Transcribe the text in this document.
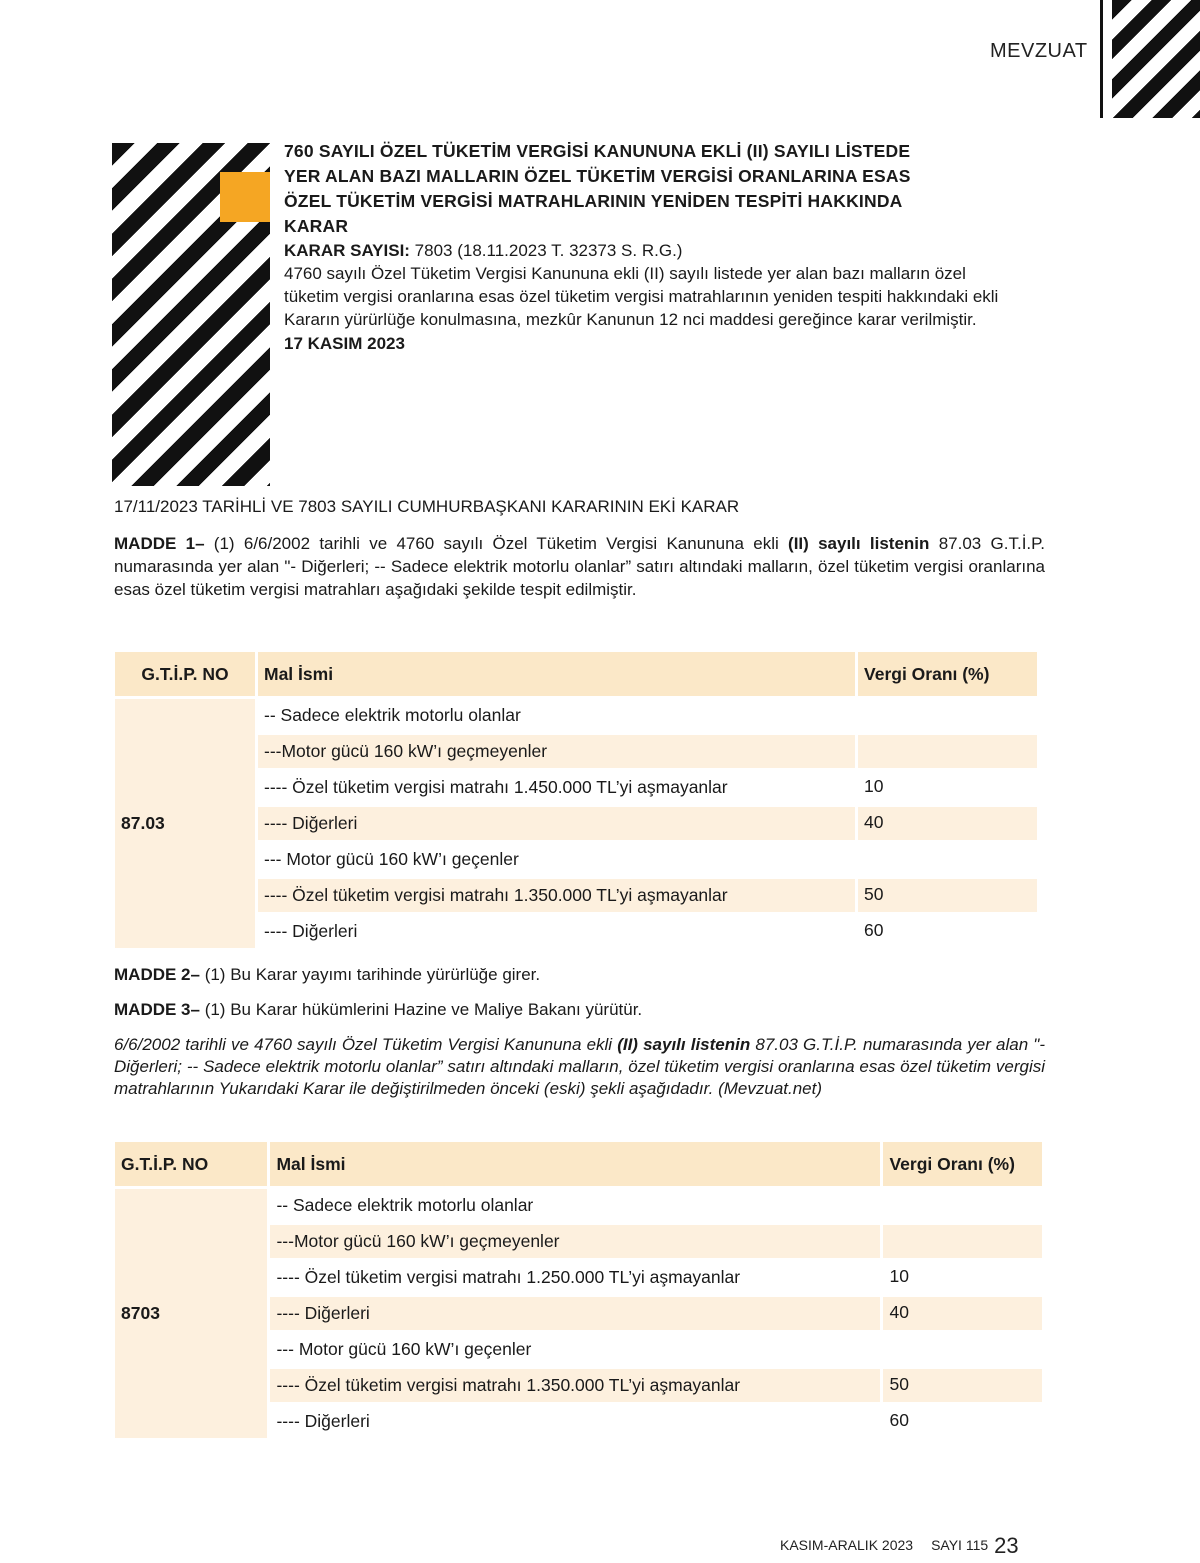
MEVZUAT
760 SAYILI ÖZEL TÜKETİM VERGİSİ KANUNUNA EKLİ (II) SAYILI LİSTEDE
YER ALAN BAZI MALLARIN ÖZEL TÜKETİM VERGİSİ ORANLARINA ESAS
ÖZEL TÜKETİM VERGİSİ MATRAHLARININ YENİDEN TESPİTİ HAKKINDA
KARAR
KARAR SAYISI: 7803 (18.11.2023 T. 32373 S. R.G.)
4760 sayılı Özel Tüketim Vergisi Kanununa ekli (II) sayılı listede yer alan bazı malların özel tüketim vergisi oranlarına esas özel tüketim vergisi matrahlarının yeniden tespiti hakkındaki ekli Kararın yürürlüğe konulmasına, mezkûr Kanunun 12 nci maddesi gereğince karar verilmiştir.
17 KASIM 2023
17/11/2023 TARİHLİ VE 7803 SAYILI CUMHURBAŞKANI KARARININ EKİ KARAR
MADDE 1– (1) 6/6/2002 tarihli ve 4760 sayılı Özel Tüketim Vergisi Kanununa ekli (II) sayılı listenin 87.03 G.T.İ.P. numarasında yer alan "- Diğerleri; -- Sadece elektrik motorlu olanlar” satırı altındaki malların, özel tüketim vergisi oranlarına esas özel tüketim vergisi matrahları aşağıdaki şekilde tespit edilmiştir.
G.T.İ.P. NO	Mal İsmi	Vergi Oranı (%)
87.03	-- Sadece elektrik motorlu olanlar	
	---Motor gücü 160 kW’ı geçmeyenler	
	---- Özel tüketim vergisi matrahı 1.450.000 TL’yi aşmayanlar	10
	---- Diğerleri	40
	--- Motor gücü 160 kW’ı geçenler	
	---- Özel tüketim vergisi matrahı 1.350.000 TL’yi aşmayanlar	50
	---- Diğerleri	60
MADDE 2– (1) Bu Karar yayımı tarihinde yürürlüğe girer.
MADDE 3– (1) Bu Karar hükümlerini Hazine ve Maliye Bakanı yürütür.
6/6/2002 tarihli ve 4760 sayılı Özel Tüketim Vergisi Kanununa ekli (II) sayılı listenin 87.03 G.T.İ.P. numarasında yer alan "- Diğerleri; -- Sadece elektrik motorlu olanlar” satırı altındaki malların, özel tüketim vergisi oranlarına esas özel tüketim vergisi matrahlarının Yukarıdaki Karar ile değiştirilmeden önceki (eski) şekli aşağıdadır. (Mevzuat.net)
G.T.İ.P. NO	Mal İsmi	Vergi Oranı (%)
8703	-- Sadece elektrik motorlu olanlar	
	---Motor gücü 160 kW’ı geçmeyenler	
	---- Özel tüketim vergisi matrahı 1.250.000 TL’yi aşmayanlar	10
	---- Diğerleri	40
	--- Motor gücü 160 kW’ı geçenler	
	---- Özel tüketim vergisi matrahı 1.350.000 TL’yi aşmayanlar	50
	---- Diğerleri	60
KASIM-ARALIK 2023 SAYI 115 23
